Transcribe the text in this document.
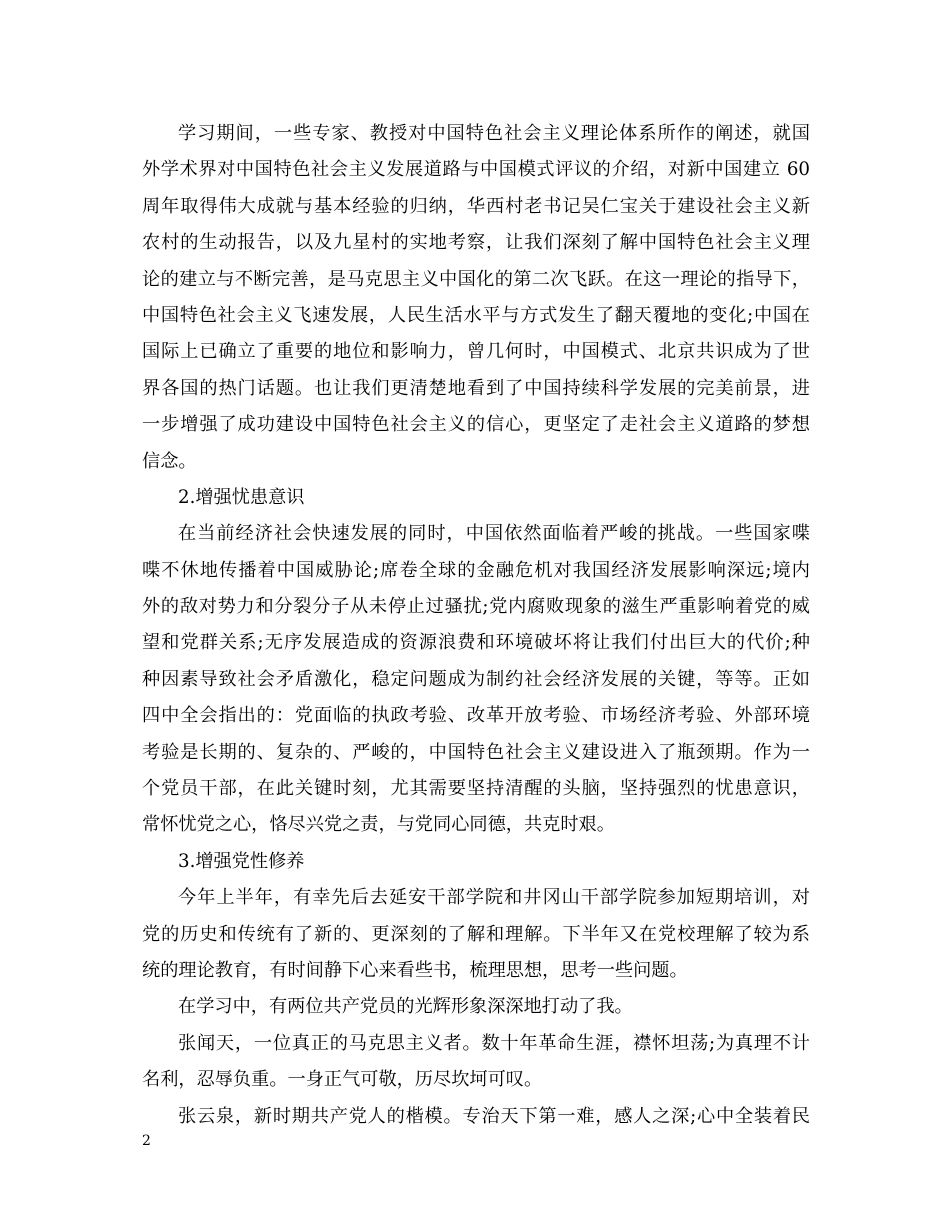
学习期间，一些专家、教授对中国特色社会主义理论体系所作的阐述，就国
外学术界对中国特色社会主义发展道路与中国模式评议的介绍，对新中国建立 60
周年取得伟大成就与基本经验的归纳，华西村老书记吴仁宝关于建设社会主义新
农村的生动报告，以及九星村的实地考察，让我们深刻了解中国特色社会主义理
论的建立与不断完善，是马克思主义中国化的第二次飞跃。在这一理论的指导下，
中国特色社会主义飞速发展，人民生活水平与方式发生了翻天覆地的变化;中国在
国际上已确立了重要的地位和影响力，曾几何时，中国模式、北京共识成为了世
界各国的热门话题。也让我们更清楚地看到了中国持续科学发展的完美前景，进
一步增强了成功建设中国特色社会主义的信心，更坚定了走社会主义道路的梦想
信念。
2.增强忧患意识
在当前经济社会快速发展的同时，中国依然面临着严峻的挑战。一些国家喋
喋不休地传播着中国威胁论;席卷全球的金融危机对我国经济发展影响深远;境内
外的敌对势力和分裂分子从未停止过骚扰;党内腐败现象的滋生严重影响着党的威
望和党群关系;无序发展造成的资源浪费和环境破坏将让我们付出巨大的代价;种
种因素导致社会矛盾激化，稳定问题成为制约社会经济发展的关键，等等。正如
四中全会指出的：党面临的执政考验、改革开放考验、市场经济考验、外部环境
考验是长期的、复杂的、严峻的，中国特色社会主义建设进入了瓶颈期。作为一
个党员干部，在此关键时刻，尤其需要坚持清醒的头脑，坚持强烈的忧患意识，
常怀忧党之心，恪尽兴党之责，与党同心同德，共克时艰。
3.增强党性修养
今年上半年，有幸先后去延安干部学院和井冈山干部学院参加短期培训，对
党的历史和传统有了新的、更深刻的了解和理解。下半年又在党校理解了较为系
统的理论教育，有时间静下心来看些书，梳理思想，思考一些问题。
在学习中，有两位共产党员的光辉形象深深地打动了我。
张闻天，一位真正的马克思主义者。数十年革命生涯，襟怀坦荡;为真理不计
名利，忍辱负重。一身正气可敬，历尽坎坷可叹。
张云泉，新时期共产党人的楷模。专治天下第一难，感人之深;心中全装着民
2
